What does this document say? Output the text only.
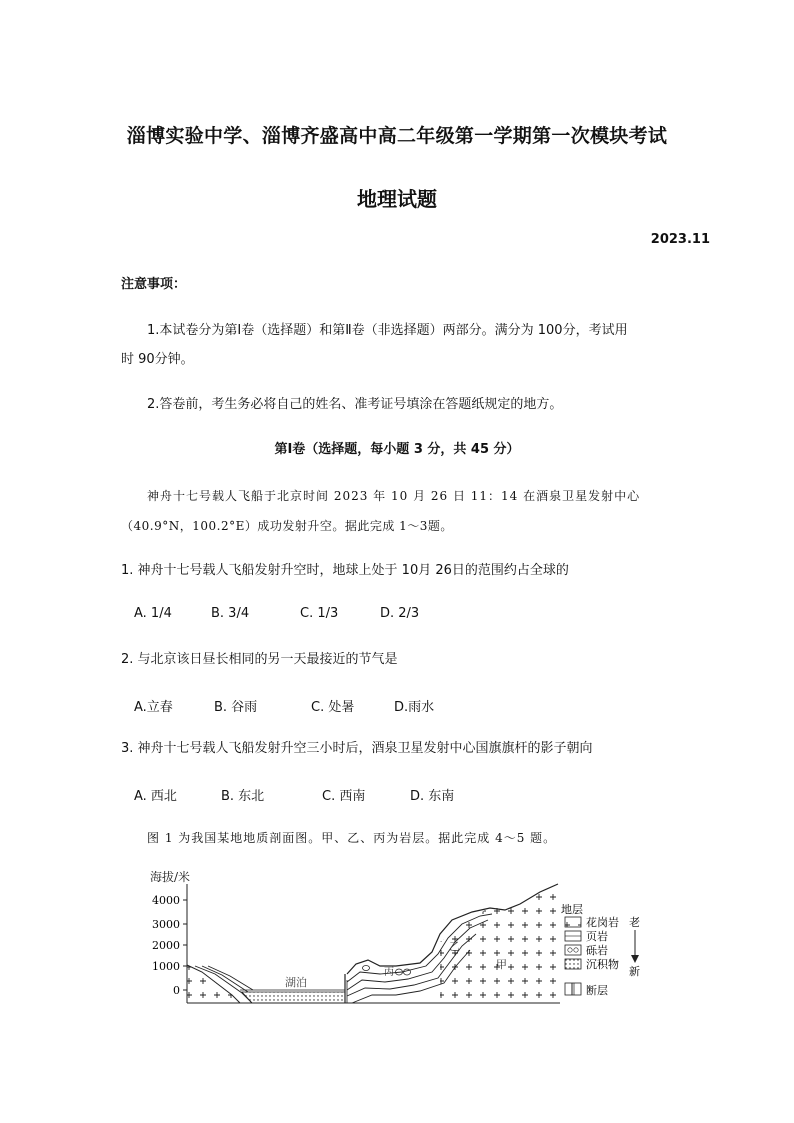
淄博实验中学、淄博齐盛高中高二年级第一学期第一次模块考试
地理试题
2023.11
注意事项：
1.本试卷分为第Ⅰ卷（选择题）和第Ⅱ卷（非选择题）两部分。满分为 100分，考试用
时 90分钟。
2.答卷前，考生务必将自己的姓名、准考证号填涂在答题纸规定的地方。
第Ⅰ卷（选择题，每小题 3 分，共 45 分）
神舟十七号载人飞船于北京时间 2023 年 10 月 26 日 11：14 在酒泉卫星发射中心
（40.9°N，100.2°E）成功发射升空。据此完成 1～3题。
1. 神舟十七号载人飞船发射升空时，地球上处于 10月 26日的范围约占全球的
A. 1/4	B. 3/4	C. 1/3	D. 2/3
2. 与北京该日昼长相同的另一天最接近的节气是
A.立春	B. 谷雨	C. 处暑	D.雨水
3. 神舟十七号载人飞船发射升空三小时后，酒泉卫星发射中心国旗旗杆的影子朝向
A. 西北	B. 东北	C. 西南	D. 东南
图 1 为我国某地地质剖面图。甲、乙、丙为岩层。据此完成 4～5 题。
海拔/米
4000
3000
2000
1000
0
湖泊
丙
乙
甲
地层
花岗岩
页岩
砾岩
沉积物
断层
老
新
